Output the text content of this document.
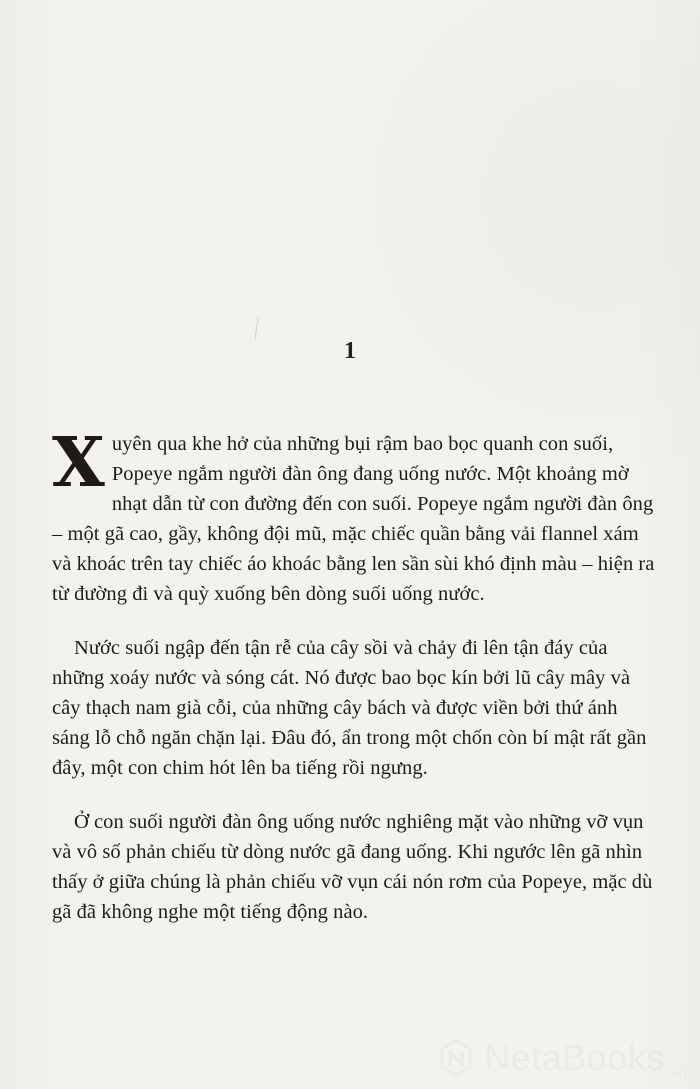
1

X uyên qua khe hở của những bụi rậm bao bọc quanh con suối, Popeye ngắm người đàn ông đang uống nước. Một khoảng mờ nhạt dẫn từ con đường đến con suối. Popeye ngắm người đàn ông – một gã cao, gầy, không đội mũ, mặc chiếc quần bằng vải flannel xám và khoác trên tay chiếc áo khoác bằng len sần sùi khó định màu – hiện ra từ đường đi và quỳ xuống bên dòng suối uống nước.

Nước suối ngập đến tận rễ của cây sồi và chảy đi lên tận đáy của những xoáy nước và sóng cát. Nó được bao bọc kín bởi lũ cây mây và cây thạch nam già cỗi, của những cây bách và được viền bởi thứ ánh sáng lỗ chỗ ngăn chặn lại. Đâu đó, ẩn trong một chốn còn bí mật rất gần đây, một con chim hót lên ba tiếng rồi ngưng.

Ở con suối người đàn ông uống nước nghiêng mặt vào những vỡ vụn và vô số phản chiếu từ dòng nước gã đang uống. Khi ngước lên gã nhìn thấy ở giữa chúng là phản chiếu vỡ vụn cái nón rơm của Popeye, mặc dù gã đã không nghe một tiếng động nào.

NetaBooks $_{.vn}$
